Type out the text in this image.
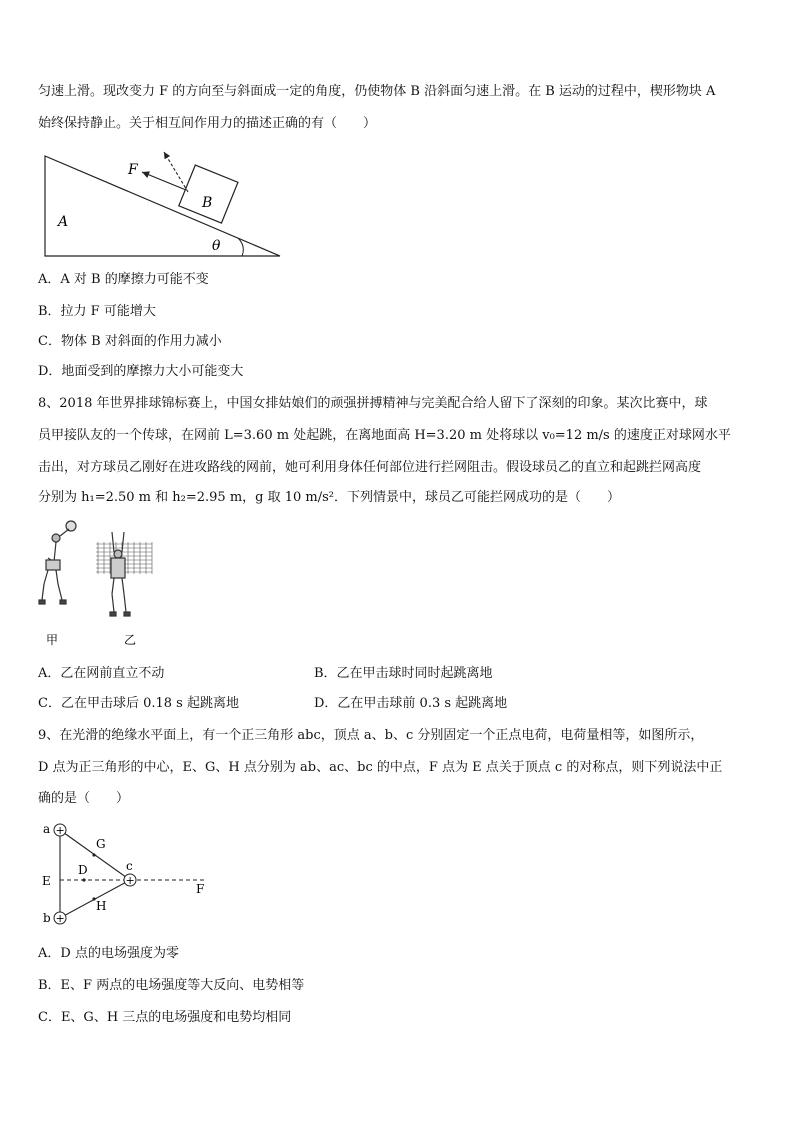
匀速上滑。现改变力 F 的方向至与斜面成一定的角度，仍使物体 B 沿斜面匀速上滑。在 B 运动的过程中，楔形物块 A
始终保持静止。关于相互间作用力的描述正确的有（　　）
A
B
F
θ
A．A 对 B 的摩擦力可能不变
B．拉力 F 可能增大
C．物体 B 对斜面的作用力减小
D．地面受到的摩擦力大小可能变大
8、2018 年世界排球锦标赛上，中国女排姑娘们的顽强拼搏精神与完美配合给人留下了深刻的印象。某次比赛中，球
员甲接队友的一个传球，在网前 L=3.60 m 处起跳，在离地面高 H=3.20 m 处将球以 v₀=12 m/s 的速度正对球网水平
击出，对方球员乙刚好在进攻路线的网前，她可利用身体任何部位进行拦网阻击。假设球员乙的直立和起跳拦网高度
分别为 h₁=2.50 m 和 h₂=2.95 m，g 取 10 m/s²．下列情景中，球员乙可能拦网成功的是（　　）
甲	乙
A．乙在网前直立不动	B．乙在甲击球时同时起跳离地
C．乙在甲击球后 0.18 s 起跳离地	D．乙在甲击球前 0.3 s 起跳离地
9、在光滑的绝缘水平面上，有一个正三角形 abc，顶点 a、b、c 分别固定一个正点电荷，电荷量相等，如图所示，
D 点为正三角形的中心，E、G、H 点分别为 ab、ac、bc 的中点，F 点为 E 点关于顶点 c 的对称点，则下列说法中正
确的是（　　）
+
+
+
a
b
c
D
E
F
G
H
A．D 点的电场强度为零
B．E、F 两点的电场强度等大反向、电势相等
C．E、G、H 三点的电场强度和电势均相同
